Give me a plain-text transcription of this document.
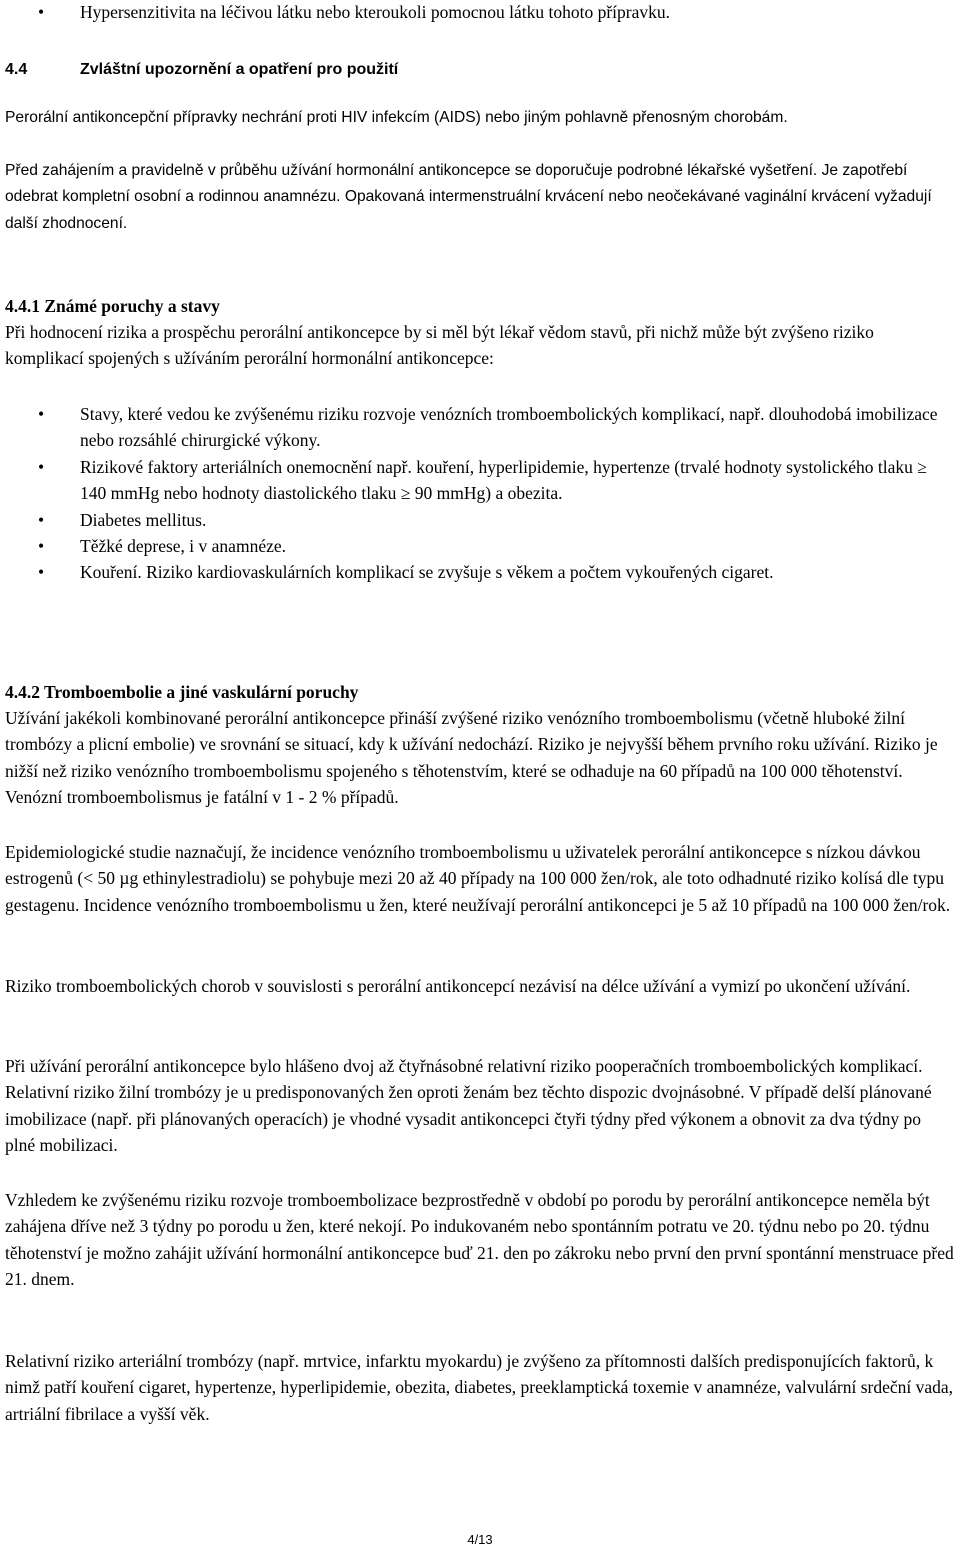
• Hypersenzitivita na léčivou látku nebo kteroukoli pomocnou látku tohoto přípravku.
4.4	Zvláštní upozornění a opatření pro použití

Perorální antikoncepční přípravky nechrání proti HIV infekcím (AIDS) nebo jiným pohlavně přenosným chorobám.

Před zahájením a pravidelně v průběhu užívání hormonální antikoncepce se doporučuje podrobné lékařské vyšetření. Je zapotřebí odebrat kompletní osobní a rodinnou anamnézu. Opakovaná intermenstruální krvácení nebo neočekávané vaginální krvácení vyžadují další zhodnocení.

4.4.1 Známé poruchy a stavy

Při hodnocení rizika a prospěchu perorální antikoncepce by si měl být lékař vědom stavů, při nichž může být zvýšeno riziko komplikací spojených s užíváním perorální hormonální antikoncepce:

• Stavy, které vedou ke zvýšenému riziku rozvoje venózních tromboembolických komplikací, např. dlouhodobá imobilizace nebo rozsáhlé chirurgické výkony.
• Rizikové faktory arteriálních onemocnění např. kouření, hyperlipidemie, hypertenze (trvalé hodnoty systolického tlaku ≥ 140 mmHg nebo hodnoty diastolického tlaku ≥ 90 mmHg) a obezita.
• Diabetes mellitus.
• Těžké deprese, i v anamnéze.
• Kouření. Riziko kardiovaskulárních komplikací se zvyšuje s věkem a počtem vykouřených cigaret.
4.4.2 Tromboembolie a jiné vaskulární poruchy

Užívání jakékoli kombinované perorální antikoncepce přináší zvýšené riziko venózního tromboembolismu (včetně hluboké žilní trombózy a plicní embolie) ve srovnání se situací, kdy k užívání nedochází. Riziko je nejvyšší během prvního roku užívání. Riziko je nižší než riziko venózního tromboembolismu spojeného s těhotenstvím, které se odhaduje na 60 případů na 100 000 těhotenství. Venózní tromboembolismus je fatální v 1 - 2 % případů.

Epidemiologické studie naznačují, že incidence venózního tromboembolismu u uživatelek perorální antikoncepce s nízkou dávkou estrogenů (< 50 µg ethinylestradiolu) se pohybuje mezi 20 až 40 případy na 100 000 žen/rok, ale toto odhadnuté riziko kolísá dle typu gestagenu. Incidence venózního tromboembolismu u žen, které neužívají perorální antikoncepci je 5 až 10 případů na 100 000 žen/rok.

Riziko tromboembolických chorob v souvislosti s perorální antikoncepcí nezávisí na délce užívání a vymizí po ukončení užívání.

Při užívání perorální antikoncepce bylo hlášeno dvoj až čtyřnásobné relativní riziko pooperačních tromboembolických komplikací. Relativní riziko žilní trombózy je u predisponovaných žen oproti ženám bez těchto dispozic dvojnásobné. V případě delší plánované imobilizace (např. při plánovaných operacích) je vhodné vysadit antikoncepci čtyři týdny před výkonem a obnovit za dva týdny po plné mobilizaci.

Vzhledem ke zvýšenému riziku rozvoje tromboembolizace bezprostředně v období po porodu by perorální antikoncepce neměla být zahájena dříve než 3 týdny po porodu u žen, které nekojí. Po indukovaném nebo spontánním potratu ve 20. týdnu nebo po 20. týdnu těhotenství je možno zahájit užívání hormonální antikoncepce buď 21. den po zákroku nebo první den první spontánní menstruace před 21. dnem.

Relativní riziko arteriální trombózy (např. mrtvice, infarktu myokardu) je zvýšeno za přítomnosti dalších predisponujících faktorů, k nimž patří kouření cigaret, hypertenze, hyperlipidemie, obezita, diabetes, preeklamptická toxemie v anamnéze, valvulární srdeční vada, artriální fibrilace a vyšší věk.

4/13
